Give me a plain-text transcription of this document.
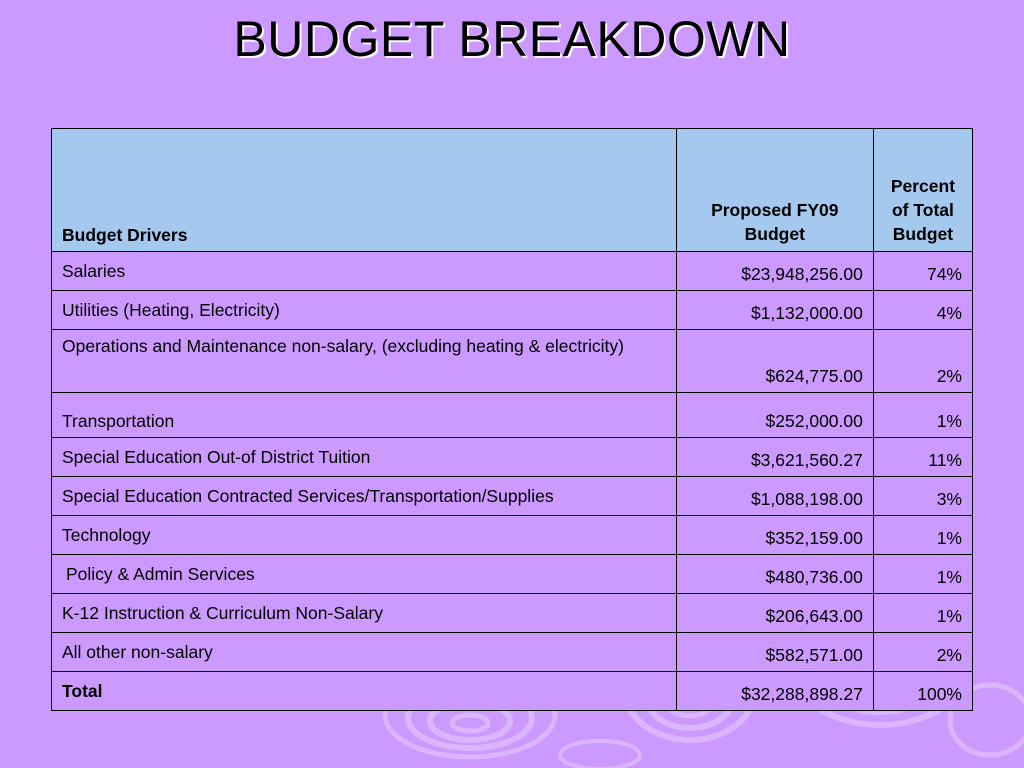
BUDGET BREAKDOWN
Budget Drivers	Proposed FY09 Budget	Percent of Total Budget
Salaries	$23,948,256.00	74%
Utilities (Heating, Electricity)	$1,132,000.00	4%
Operations and Maintenance non-salary, (excluding heating & electricity)	$624,775.00	2%
Transportation	$252,000.00	1%
Special Education Out-of District Tuition	$3,621,560.27	11%
Special Education Contracted Services/Transportation/Supplies	$1,088,198.00	3%
Technology	$352,159.00	1%
Policy & Admin Services	$480,736.00	1%
K-12 Instruction & Curriculum Non-Salary	$206,643.00	1%
All other non-salary	$582,571.00	2%
Total	$32,288,898.27	100%
